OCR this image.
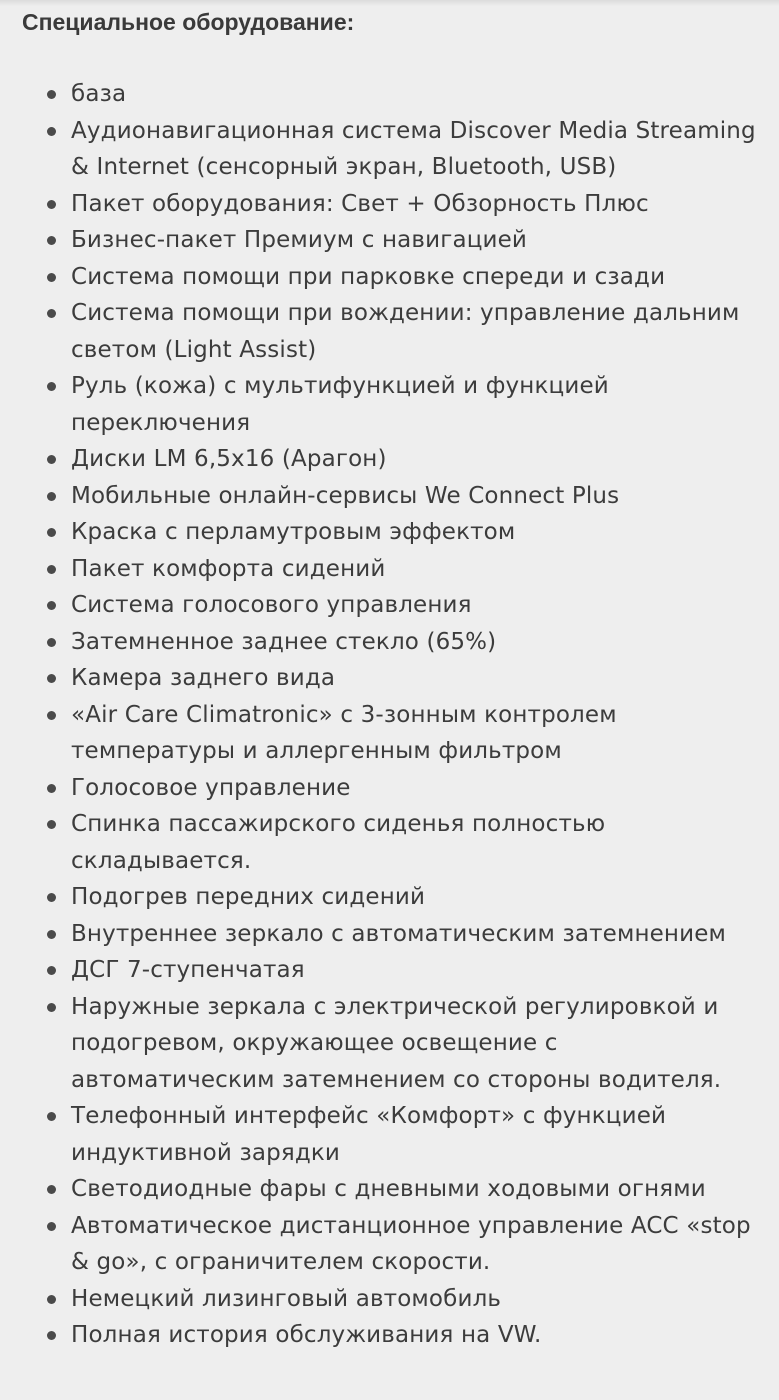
Специальное оборудование:
база
Аудионавигационная система Discover Media Streaming & Internet (сенсорный экран, Bluetooth, USB)
Пакет оборудования: Свет + Обзорность Плюс
Бизнес-пакет Премиум с навигацией
Система помощи при парковке спереди и сзади
Система помощи при вождении: управление дальним светом (Light Assist)
Руль (кожа) с мультифункцией и функцией переключения
Диски LM 6,5x16 (Арагон)
Мобильные онлайн-сервисы We Connect Plus
Краска с перламутровым эффектом
Пакет комфорта сидений
Система голосового управления
Затемненное заднее стекло (65%)
Камера заднего вида
«Air Care Climatronic» с 3-зонным контролем температуры и аллергенным фильтром
Голосовое управление
Спинка пассажирского сиденья полностью складывается.
Подогрев передних сидений
Внутреннее зеркало с автоматическим затемнением
ДСГ 7-ступенчатая
Наружные зеркала с электрической регулировкой и подогревом, окружающее освещение с автоматическим затемнением со стороны водителя.
Телефонный интерфейс «Комфорт» с функцией индуктивной зарядки
Светодиодные фары с дневными ходовыми огнями
Автоматическое дистанционное управление ACC «stop & go», с ограничителем скорости.
Немецкий лизинговый автомобиль
Полная история обслуживания на VW.
